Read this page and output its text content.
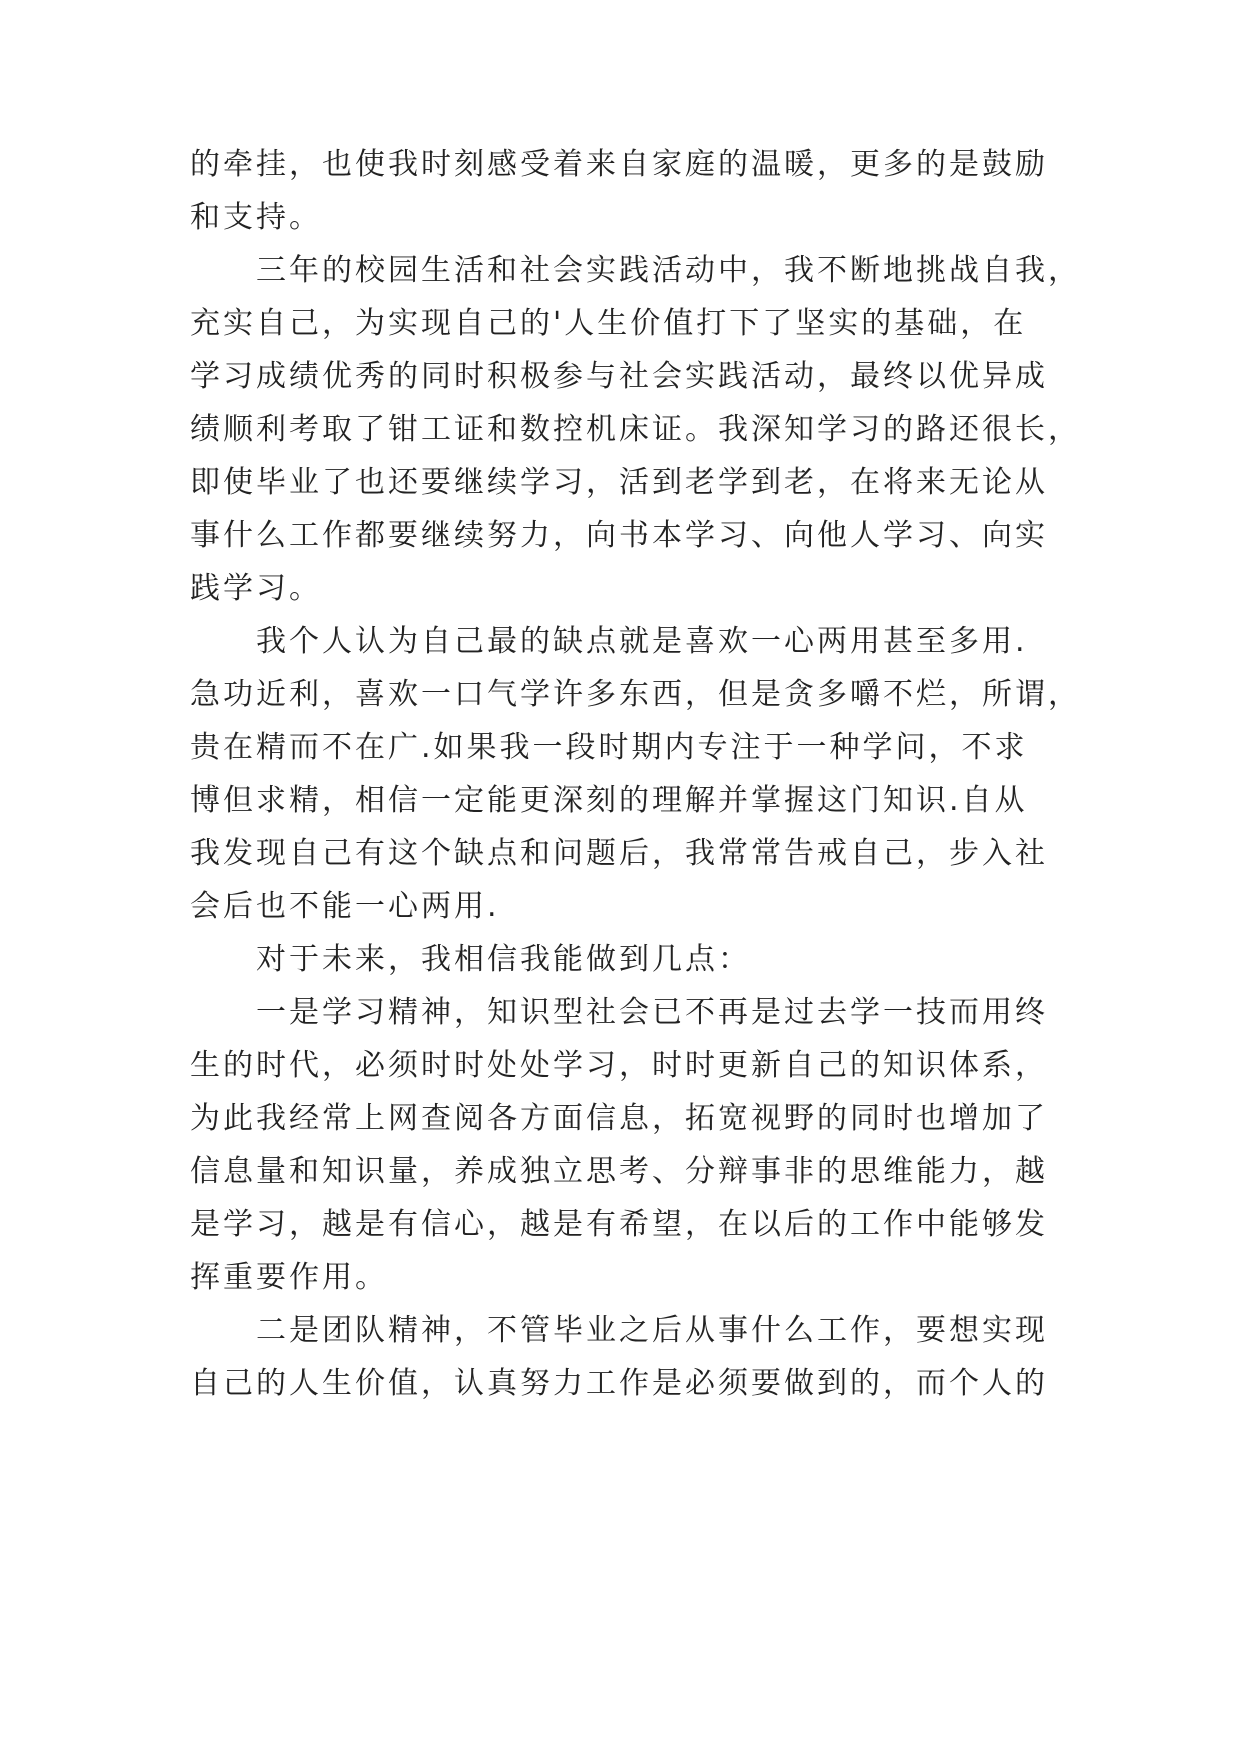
的牵挂，也使我时刻感受着来自家庭的温暖，更多的是鼓励
和支持。
三年的校园生活和社会实践活动中，我不断地挑战自我，
充实自己，为实现自己的'人生价值打下了坚实的基础，在
学习成绩优秀的同时积极参与社会实践活动，最终以优异成
绩顺利考取了钳工证和数控机床证。我深知学习的路还很长，
即使毕业了也还要继续学习，活到老学到老，在将来无论从
事什么工作都要继续努力，向书本学习、向他人学习、向实
践学习。
我个人认为自己最的缺点就是喜欢一心两用甚至多用.
急功近利，喜欢一口气学许多东西，但是贪多嚼不烂，所谓，
贵在精而不在广.如果我一段时期内专注于一种学问，不求
博但求精，相信一定能更深刻的理解并掌握这门知识.自从
我发现自己有这个缺点和问题后，我常常告戒自己，步入社
会后也不能一心两用.
对于未来，我相信我能做到几点：
一是学习精神，知识型社会已不再是过去学一技而用终
生的时代，必须时时处处学习，时时更新自己的知识体系，
为此我经常上网查阅各方面信息，拓宽视野的同时也增加了
信息量和知识量，养成独立思考、分辩事非的思维能力，越
是学习，越是有信心，越是有希望，在以后的工作中能够发
挥重要作用。
二是团队精神，不管毕业之后从事什么工作，要想实现
自己的人生价值，认真努力工作是必须要做到的，而个人的
